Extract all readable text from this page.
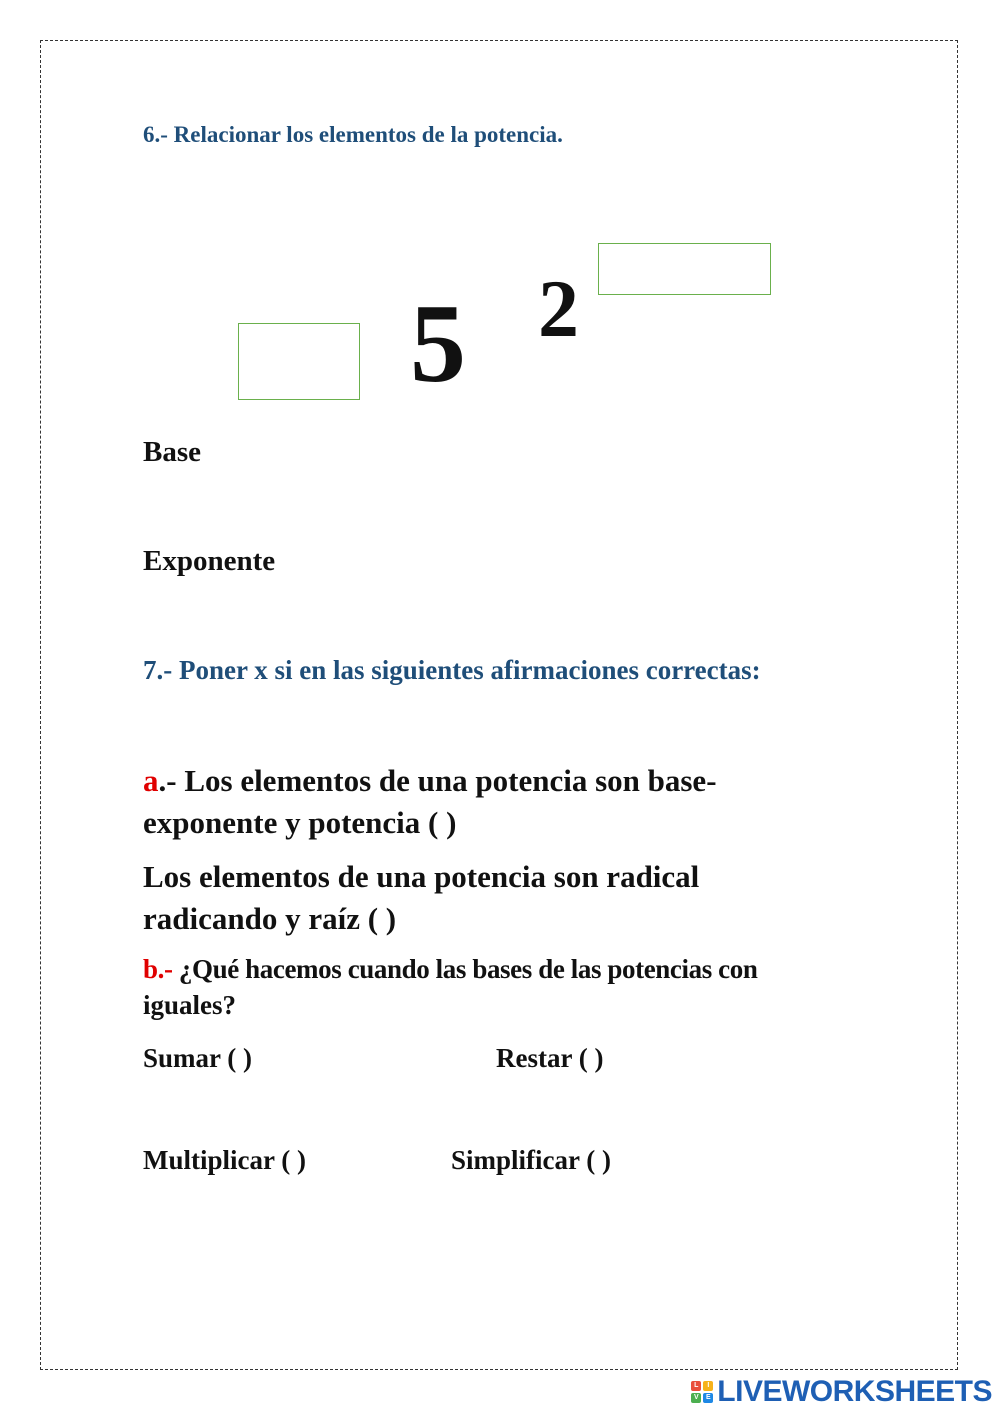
6.- Relacionar los elementos de la potencia.
5 2
Base
Exponente
7.- Poner x si en las siguientes afirmaciones correctas:
a.- Los elementos de una potencia son base-
exponente y potencia ( )
Los elementos de una potencia son radical
radicando y raíz ( )
b.- ¿Qué hacemos cuando las bases de las potencias con
iguales?
Sumar ( )	Restar ( )
Multiplicar ( )	Simplificar ( )
L	I
V	E LIVEWORKSHEETS
